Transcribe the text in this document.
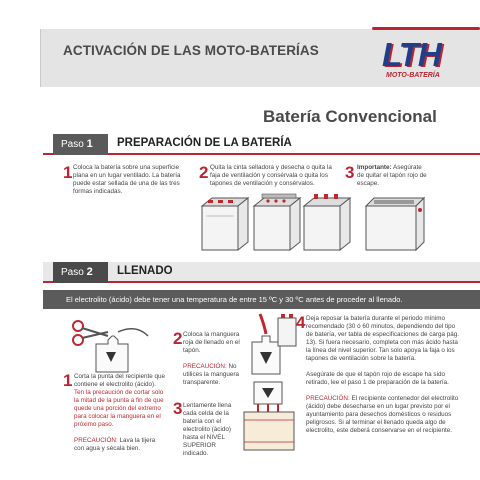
ACTIVACIÓN DE LAS MOTO-BATERÍAS LTH
MOTO-BATERÍA
Batería Convencional
Paso 1	PREPARACIÓN DE LA BATERÍA
1 Coloca la batería sobre una superficie plana en un lugar ventilado. La batería puede estar sellada de una de las tres formas indicadas.
2 Quita la cinta selladora y desecha o quita la faja de ventilación y consérvala o quita los tapones de ventilación y consérvalos.
3 Importante: Asegúrate de quitar el tapón rojo de escape.
Paso 2	LLENADO
El electrolito (ácido) debe tener una temperatura de entre 15 ºC y 30 ºC antes de proceder al llenado.
1 Corta la punta del recipiente que contiene el electrolito (ácido).
Ten la precaución de cortar solo la mitad de la punta a fin de que quede una porción del extremo para colocar la manguera en el próximo paso.

PRECAUCIÓN: Lava la tijera con agua y sécala bien.
2 Coloca la manguera roja de llenado en el tapón.

PRECAUCIÓN: No utilices la manguera transparente.
3 Lentamente llena cada celda de la batería con el electrolito (ácido) hasta el NIVEL SUPERIOR indicado.
4 Deja reposar la batería durante el periodo mínimo recomendado (30 ó 60 minutos, dependiendo del tipo de batería, ver tabla de especificaciones de carga pág. 13). Si fuera necesario, completa con más ácido hasta la línea del nivel superior. Tan solo apoya la faja o los tapones de ventilación sobre la batería.

Asegúrate de que el tapón rojo de escape ha sido retirado, lee el paso 1 de preparación de la batería.

PRECAUCIÓN: El recipiente contenedor del electrolito (ácido) debe desecharse en un lugar previsto por el ayuntamiento para desechos domésticos o residuos peligrosos. Si al terminar el llenado queda algo de electrolito, este deberá conservarse en el recipiente.
